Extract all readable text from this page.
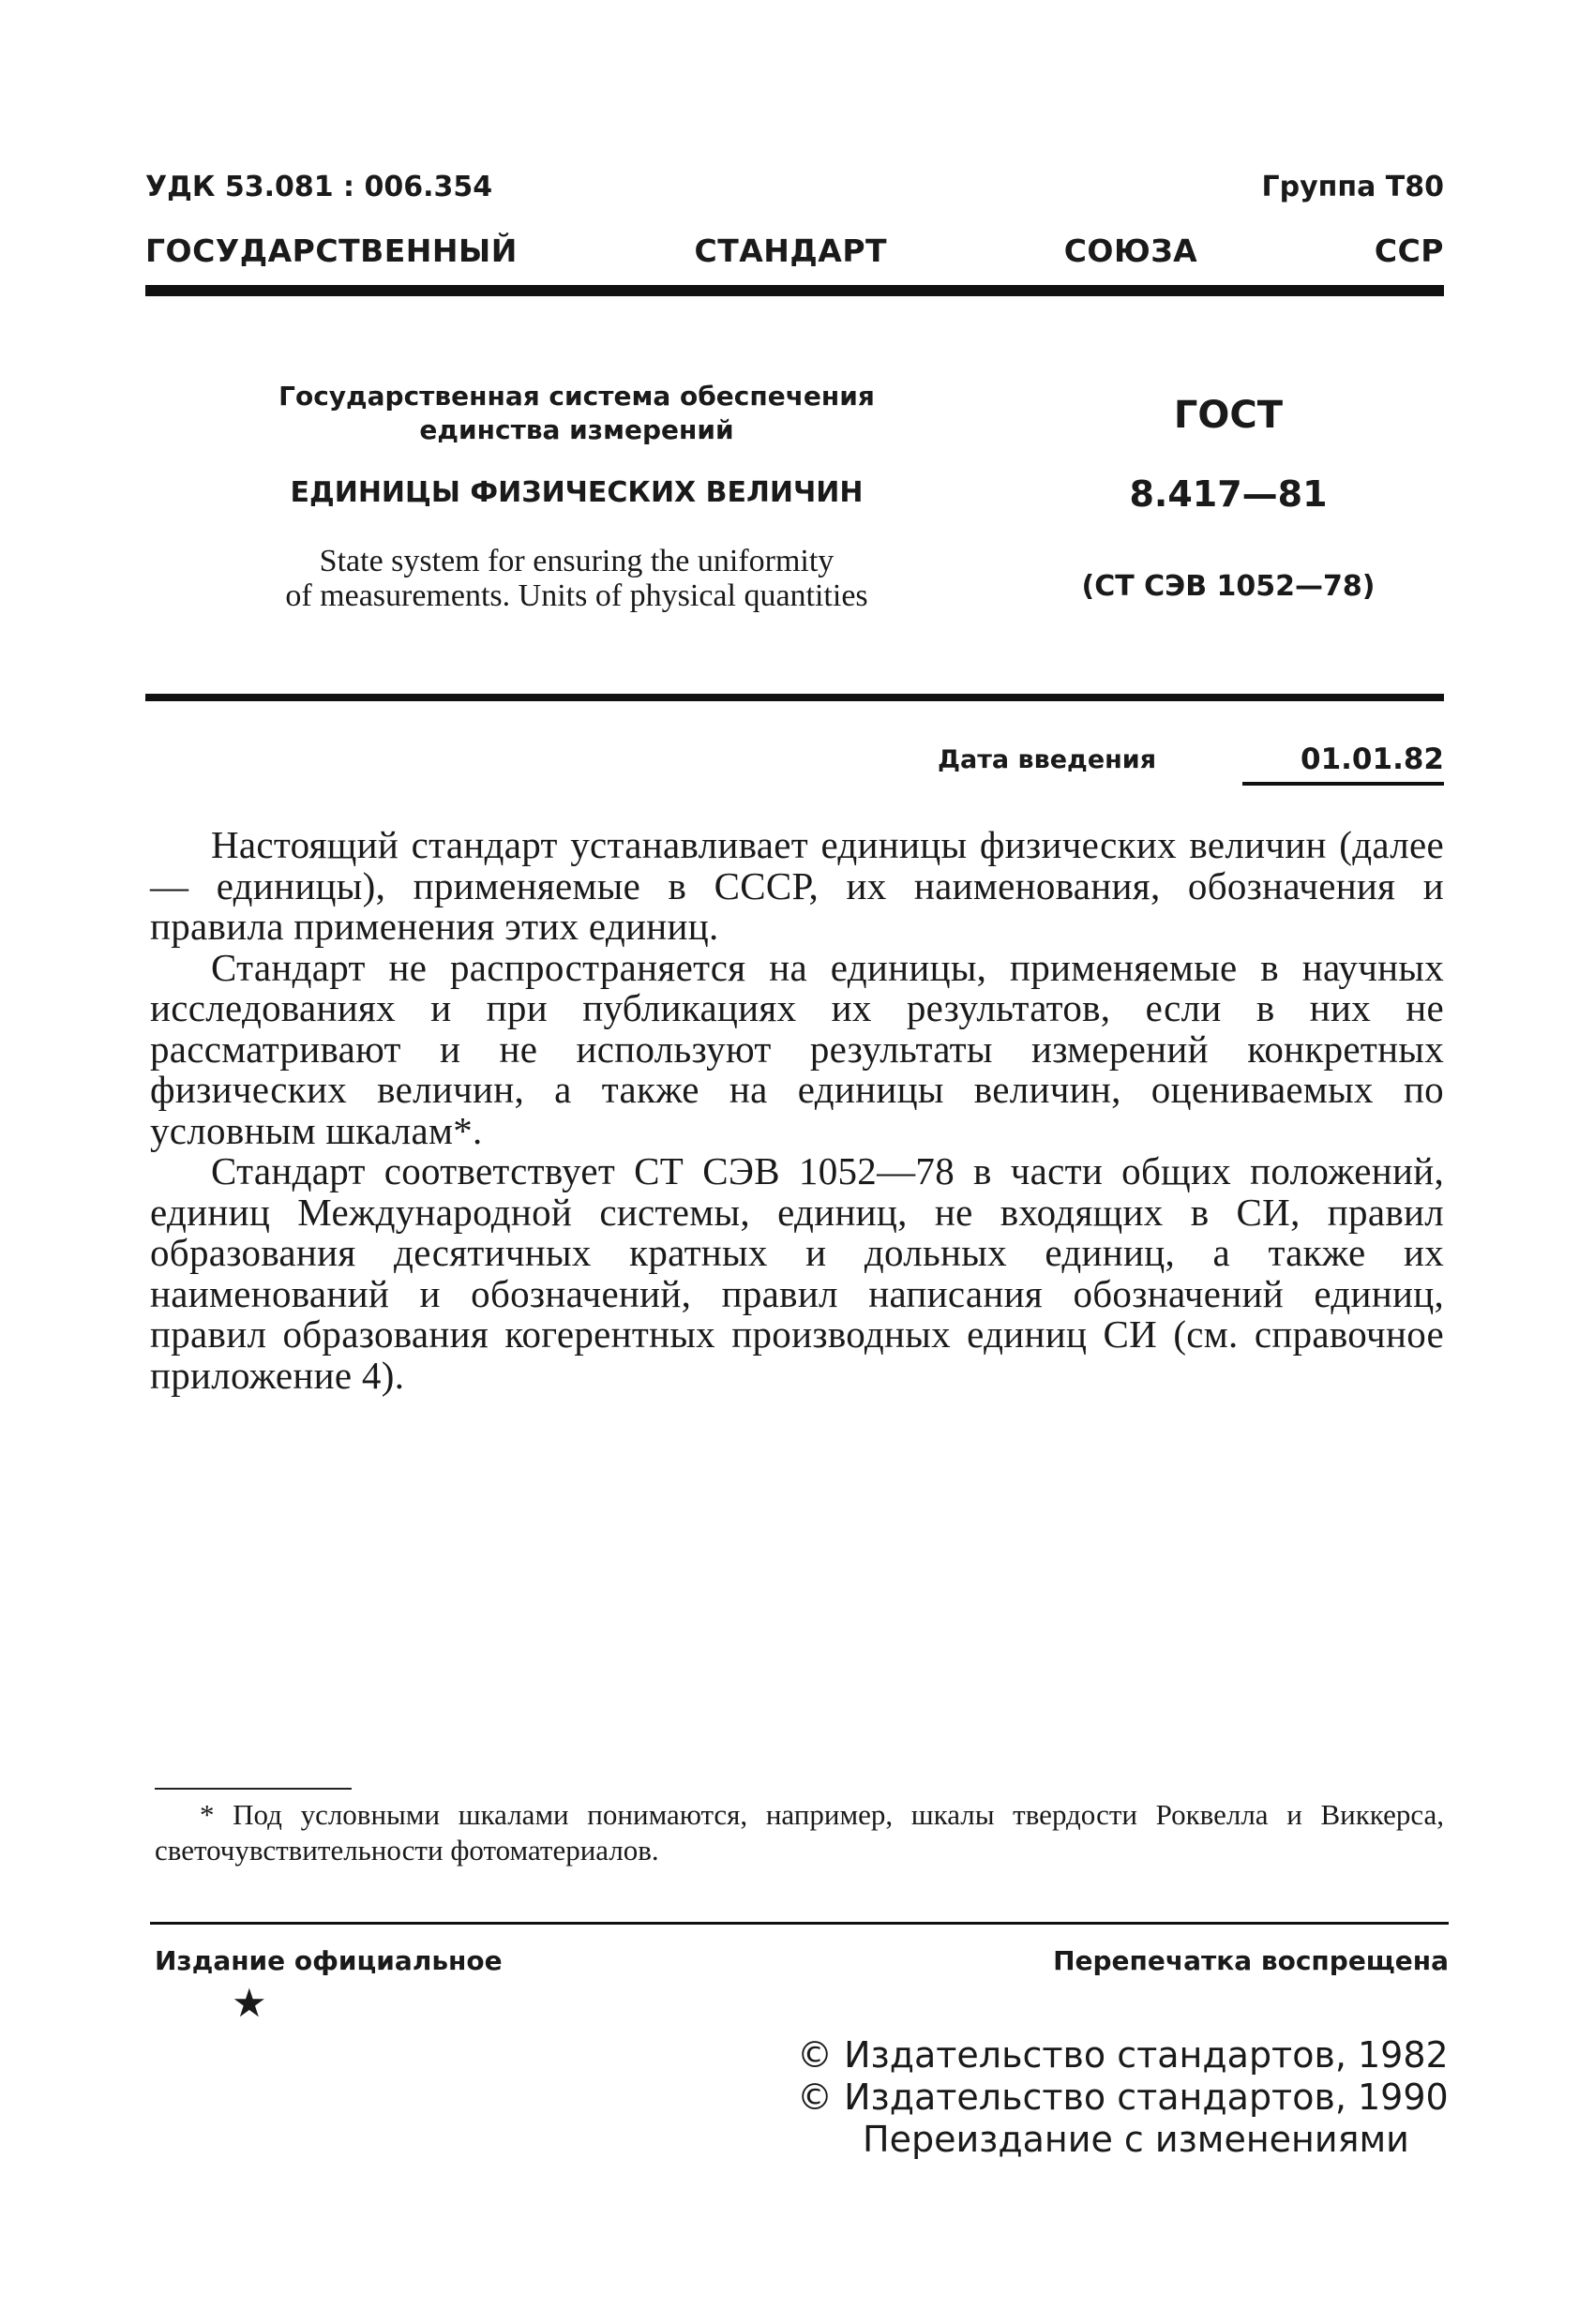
УДК 53.081 : 006.354	Группа Т80
ГОСУДАРСТВЕННЫЙ	СТАНДАРТ	СОЮЗА	ССР
Государственная система обеспечения
единства измерений	ГОСТ
ЕДИНИЦЫ ФИЗИЧЕСКИХ ВЕЛИЧИН	8.417—81
State system for ensuring the uniformity
of measurements. Units of physical quantities	(СТ СЭВ 1052—78)
Дата введения	01.01.82

Настоящий стандарт устанавливает единицы физических величин (далее — единицы), применяемые в СССР, их наименования, обозначения и правила применения этих единиц.

Стандарт не распространяется на единицы, применяемые в научных исследованиях и при публикациях их результатов, если в них не рассматривают и не используют результаты измерений конкретных физических величин, а также на единицы величин, оцениваемых по условным шкалам*.

Стандарт соответствует СТ СЭВ 1052—78 в части общих положений, единиц Международной системы, единиц, не входящих в СИ, правил образования десятичных кратных и дольных единиц, а также их наименований и обозначений, правил написания обозначений единиц, правил образования когерентных производных единиц СИ (см. справочное приложение 4).

* Под условными шкалами понимаются, например, шкалы твердости Роквелла и Виккерса, светочувствительности фотоматериалов.

Издание официальное	Перепечатка воспрещена
★
© Издательство стандартов, 1982
© Издательство стандартов, 1990
Переиздание с изменениями
